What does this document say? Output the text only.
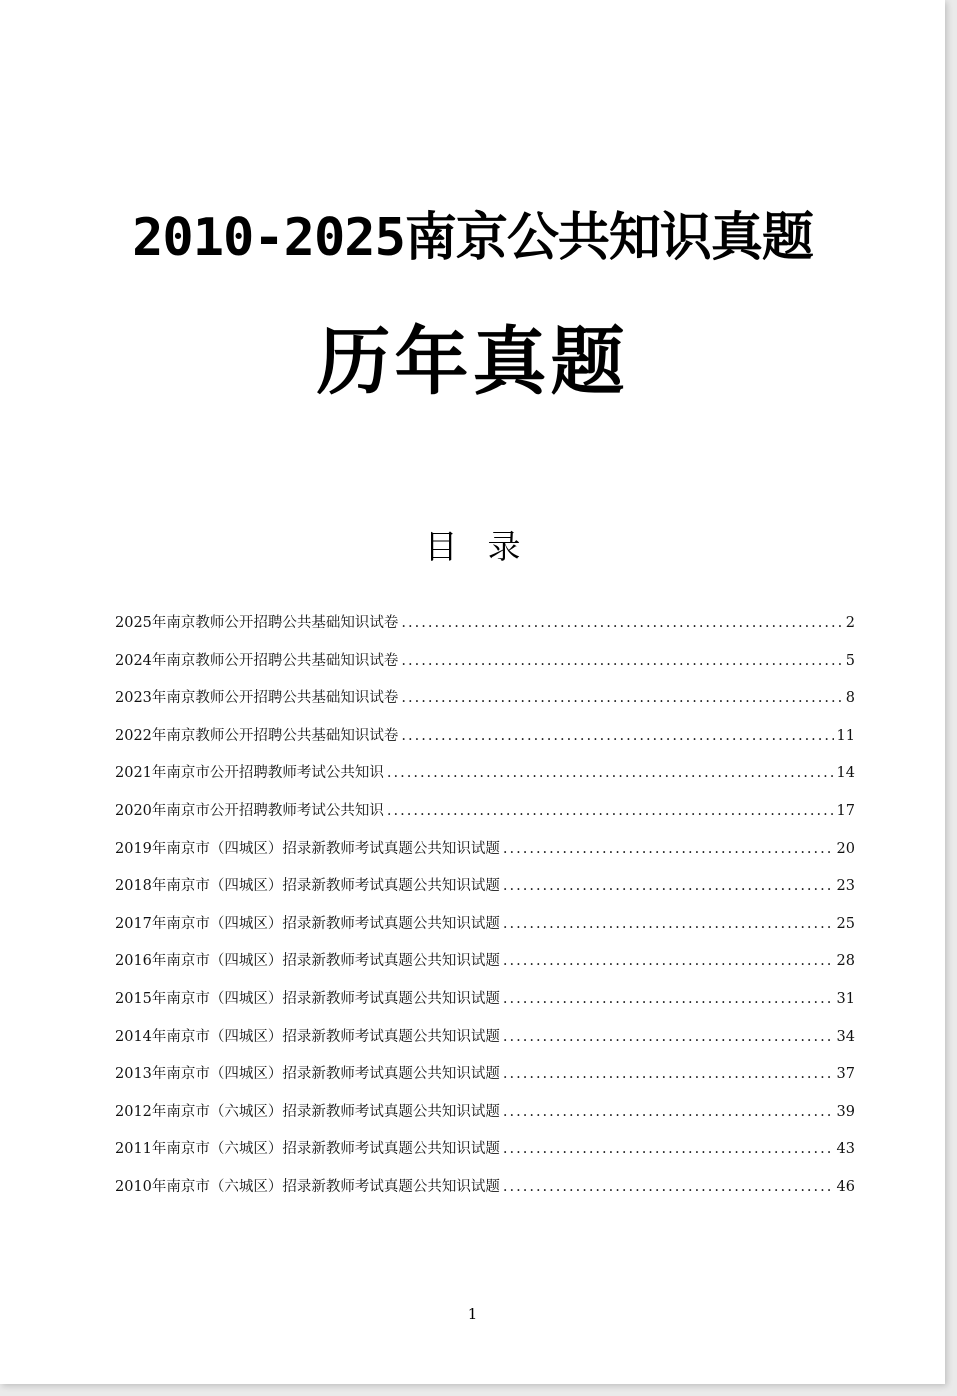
2010-2025南京公共知识真题
历年真题
目录
2025年南京教师公开招聘公共基础知识试卷 .....	2
2024年南京教师公开招聘公共基础知识试卷 .....	5
2023年南京教师公开招聘公共基础知识试卷 .....	8
2022年南京教师公开招聘公共基础知识试卷 .....	11
2021年南京市公开招聘教师考试公共知识 .....	14
2020年南京市公开招聘教师考试公共知识 .....	17
2019年南京市（四城区）招录新教师考试真题公共知识试题 .....	20
2018年南京市（四城区）招录新教师考试真题公共知识试题 .....	23
2017年南京市（四城区）招录新教师考试真题公共知识试题 .....	25
2016年南京市（四城区）招录新教师考试真题公共知识试题 .....	28
2015年南京市（四城区）招录新教师考试真题公共知识试题 .....	31
2014年南京市（四城区）招录新教师考试真题公共知识试题 .....	34
2013年南京市（四城区）招录新教师考试真题公共知识试题 .....	37
2012年南京市（六城区）招录新教师考试真题公共知识试题 .....	39
2011年南京市（六城区）招录新教师考试真题公共知识试题 .....	43
2010年南京市（六城区）招录新教师考试真题公共知识试题 .....	46
1
